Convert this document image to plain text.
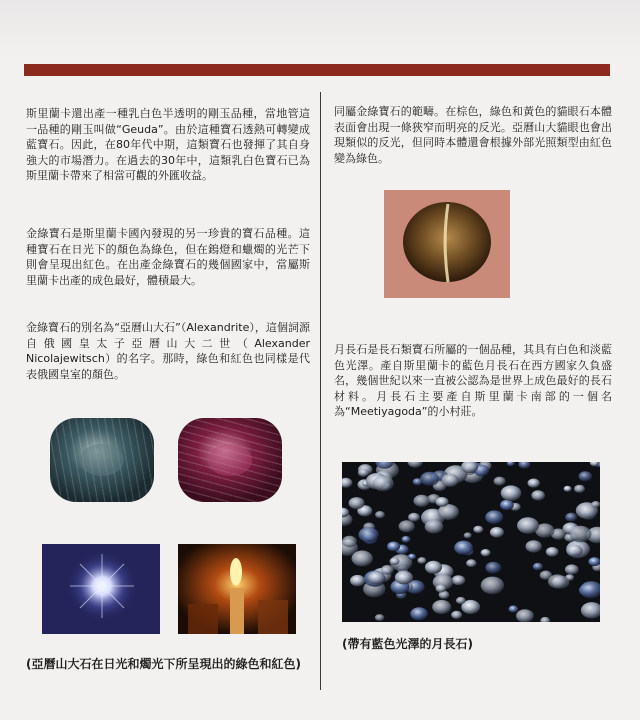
斯里蘭卡還出產一種乳白色半透明的剛玉品種，當地管這一品種的剛玉叫做“Geuda”。由於這種寶石透熱可轉變成藍寶石。因此，在80年代中期，這類寶石也發揮了其自身強大的市場潛力。在過去的30年中，這類乳白色寶石已為斯里蘭卡帶來了相當可觀的外匯收益。

金綠寶石是斯里蘭卡國內發現的另一珍貴的寶石品種。這種寶石在日光下的顏色為綠色，但在鎢燈和蠟燭的光芒下則會呈現出紅色。在出產金綠寶石的幾個國家中，當屬斯里蘭卡出產的成色最好，體積最大。

金綠寶石的別名為“亞曆山大石”（Alexandrite），這個詞源自俄國皇太子亞曆山大二世（Alexander Nicolajewitsch）的名字。那時，綠色和紅色也同樣是代表俄國皇室的顏色。

(亞曆山大石在日光和燭光下所呈現出的綠色和紅色)

同屬金綠寶石的範疇。在棕色，綠色和黃色的貓眼石本體表面會出現一條狹窄而明亮的反光。亞曆山大貓眼也會出現類似的反光，但同時本體還會根據外部光照類型由紅色變為綠色。

月長石是長石類寶石所屬的一個品種，其具有白色和淡藍色光澤。產自斯里蘭卡的藍色月長石在西方國家久負盛名，幾個世紀以來一直被公認為是世界上成色最好的長石材料。月長石主要產自斯里蘭卡南部的一個名為“Meetiyagoda”的小村莊。

(帶有藍色光澤的月長石)
